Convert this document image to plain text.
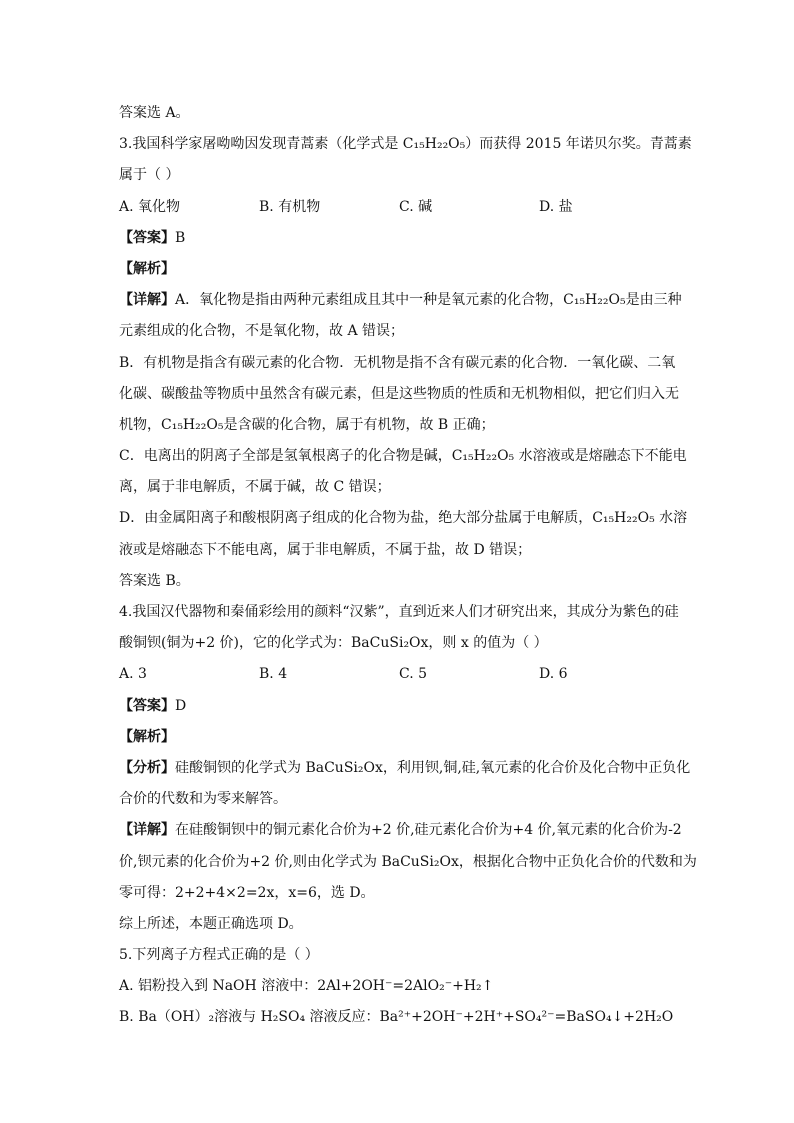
答案选 A。
3.我国科学家屠呦呦因发现青蒿素（化学式是 C₁₅H₂₂O₅）而获得 2015 年诺贝尔奖。青蒿素
属于（ ）
A. 氧化物	B. 有机物	C. 碱	D. 盐
【答案】B
【解析】
【详解】A．氧化物是指由两种元素组成且其中一种是氧元素的化合物，C₁₅H₂₂O₅是由三种
元素组成的化合物，不是氧化物，故 A 错误；
B．有机物是指含有碳元素的化合物．无机物是指不含有碳元素的化合物．一氧化碳、二氧
化碳、碳酸盐等物质中虽然含有碳元素，但是这些物质的性质和无机物相似，把它们归入无
机物，C₁₅H₂₂O₅是含碳的化合物，属于有机物，故 B 正确；
C．电离出的阴离子全部是氢氧根离子的化合物是碱，C₁₅H₂₂O₅ 水溶液或是熔融态下不能电
离，属于非电解质，不属于碱，故 C 错误；
D．由金属阳离子和酸根阴离子组成的化合物为盐，绝大部分盐属于电解质，C₁₅H₂₂O₅ 水溶
液或是熔融态下不能电离，属于非电解质，不属于盐，故 D 错误；
答案选 B。
4.我国汉代器物和秦俑彩绘用的颜料“汉紫”，直到近来人们才研究出来，其成分为紫色的硅
酸铜钡(铜为+2 价)，它的化学式为：BaCuSi₂Ox，则 x 的值为（ ）
A. 3	B. 4	C. 5	D. 6
【答案】D
【解析】
【分析】硅酸铜钡的化学式为 BaCuSi₂Ox，利用钡,铜,硅,氧元素的化合价及化合物中正负化
合价的代数和为零来解答。
【详解】在硅酸铜钡中的铜元素化合价为+2 价,硅元素化合价为+4 价,氧元素的化合价为-2
价,钡元素的化合价为+2 价,则由化学式为 BaCuSi₂Ox，根据化合物中正负化合价的代数和为
零可得：2+2+4×2=2x，x=6，选 D。
综上所述，本题正确选项 D。
5.下列离子方程式正确的是（ ）
A. 铝粉投入到 NaOH 溶液中：2Al+2OH⁻=2AlO₂⁻+H₂↑
B. Ba（OH）₂溶液与 H₂SO₄ 溶液反应：Ba²⁺+2OH⁻+2H⁺+SO₄²⁻=BaSO₄↓+2H₂O
